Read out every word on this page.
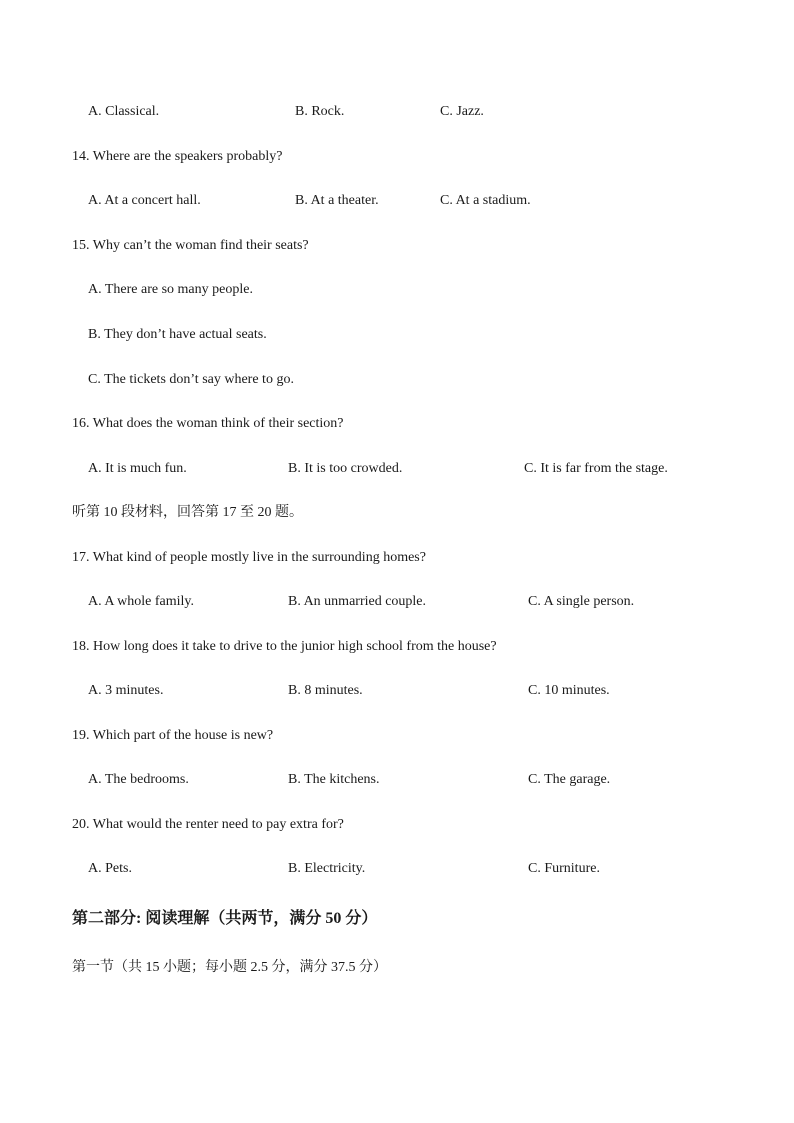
A. Classical.	B. Rock.	C. Jazz.
14. Where are the speakers probably?
A. At a concert hall.	B. At a theater.	C. At a stadium.
15. Why can’t the woman find their seats?
A. There are so many people.
B. They don’t have actual seats.
C. The tickets don’t say where to go.
16. What does the woman think of their section?
A. It is much fun.	B. It is too crowded.	C. It is far from the stage.
听第 10 段材料，回答第 17 至 20 题。
17. What kind of people mostly live in the surrounding homes?
A. A whole family.	B. An unmarried couple.	C. A single person.
18. How long does it take to drive to the junior high school from the house?
A. 3 minutes.	B. 8 minutes.	C. 10 minutes.
19. Which part of the house is new?
A. The bedrooms.	B. The kitchens.	C. The garage.
20. What would the renter need to pay extra for?
A. Pets.	B. Electricity.	C. Furniture.
第二部分: 阅读理解（共两节，满分 50 分）
第一节（共 15 小题；每小题 2.5 分，满分 37.5 分）
